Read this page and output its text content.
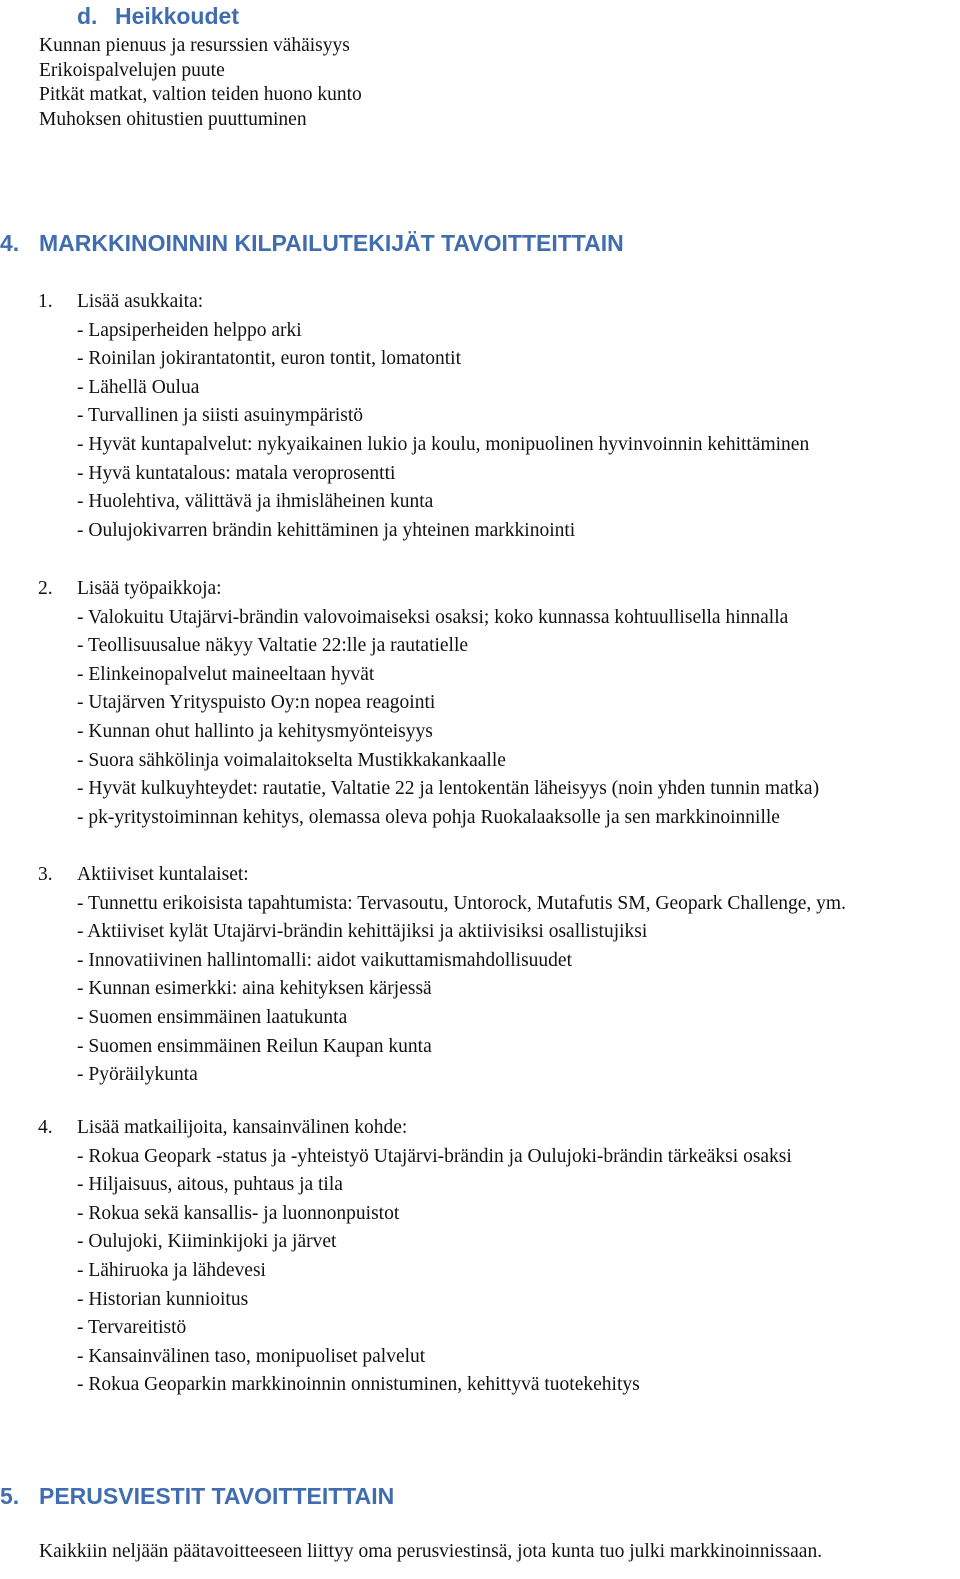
d. Heikkoudet
Kunnan pienuus ja resurssien vähäisyys
Erikoispalvelujen puute
Pitkät matkat, valtion teiden huono kunto
Muhoksen ohitustien puuttuminen
4. MARKKINOINNIN KILPAILUTEKIJÄT TAVOITTEITTAIN
1. Lisää asukkaita:
- Lapsiperheiden helppo arki
- Roinilan jokirantatontit, euron tontit, lomatontit
- Lähellä Oulua
- Turvallinen ja siisti asuinympäristö
- Hyvät kuntapalvelut: nykyaikainen lukio ja koulu, monipuolinen hyvinvoinnin kehittäminen
- Hyvä kuntatalous: matala veroprosentti
- Huolehtiva, välittävä ja ihmisläheinen kunta
- Oulujokivarren brändin kehittäminen ja yhteinen markkinointi
2. Lisää työpaikkoja:
- Valokuitu Utajärvi-brändin valovoimaiseksi osaksi; koko kunnassa kohtuullisella hinnalla
- Teollisuusalue näkyy Valtatie 22:lle ja rautatielle
- Elinkeinopalvelut maineeltaan hyvät
- Utajärven Yrityspuisto Oy:n nopea reagointi
- Kunnan ohut hallinto ja kehitysmyönteisyys
- Suora sähkölinja voimalaitokselta Mustikkakankaalle
- Hyvät kulkuyhteydet: rautatie, Valtatie 22 ja lentokentän läheisyys (noin yhden tunnin matka)
- pk-yritystoiminnan kehitys, olemassa oleva pohja Ruokalaaksolle ja sen markkinoinnille
3. Aktiiviset kuntalaiset:
- Tunnettu erikoisista tapahtumista: Tervasoutu, Untorock, Mutafutis SM, Geopark Challenge, ym.
- Aktiiviset kylät Utajärvi-brändin kehittäjiksi ja aktiivisiksi osallistujiksi
- Innovatiivinen hallintomalli: aidot vaikuttamismahdollisuudet
- Kunnan esimerkki: aina kehityksen kärjessä
- Suomen ensimmäinen laatukunta
- Suomen ensimmäinen Reilun Kaupan kunta
- Pyöräilykunta
4. Lisää matkailijoita, kansainvälinen kohde:
- Rokua Geopark -status ja -yhteistyö Utajärvi-brändin ja Oulujoki-brändin tärkeäksi osaksi
- Hiljaisuus, aitous, puhtaus ja tila
- Rokua sekä kansallis- ja luonnonpuistot
- Oulujoki, Kiiminkijoki ja järvet
- Lähiruoka ja lähdevesi
- Historian kunnioitus
- Tervareitistö
- Kansainvälinen taso, monipuoliset palvelut
- Rokua Geoparkin markkinoinnin onnistuminen, kehittyvä tuotekehitys
5. PERUSVIESTIT TAVOITTEITTAIN

Kaikkiin neljään päätavoitteeseen liittyy oma perusviestinsä, jota kunta tuo julki markkinoinnissaan.
